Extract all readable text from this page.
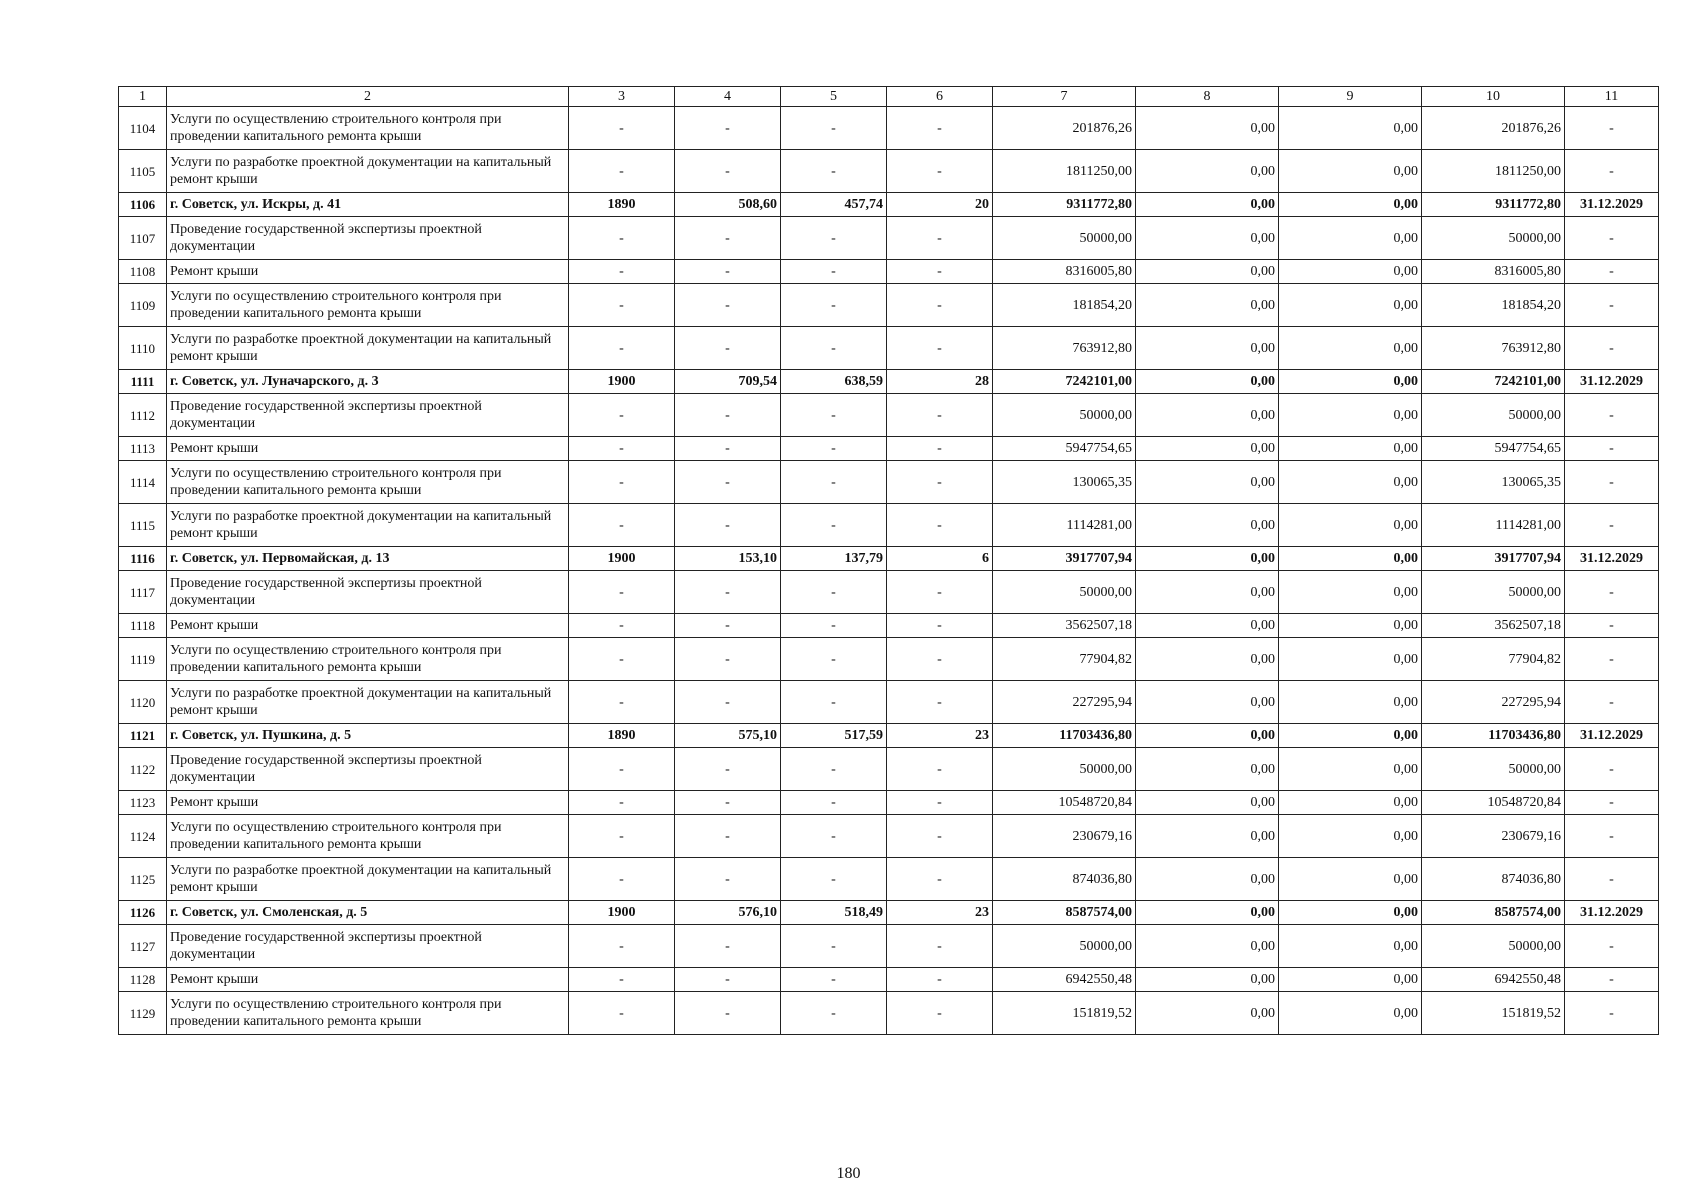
1	2	3	4	5	6	7	8	9	10	11
1104	Услуги по осуществлению строительного контроля при проведении капитального ремонта крыши	-	-	-	-	201876,26	0,00	0,00	201876,26	-
1105	Услуги по разработке проектной документации на капитальный ремонт крыши	-	-	-	-	1811250,00	0,00	0,00	1811250,00	-
1106	г. Советск, ул. Искры, д. 41	1890	508,60	457,74	20	9311772,80	0,00	0,00	9311772,80	31.12.2029
1107	Проведение государственной экспертизы проектной документации	-	-	-	-	50000,00	0,00	0,00	50000,00	-
1108	Ремонт крыши	-	-	-	-	8316005,80	0,00	0,00	8316005,80	-
1109	Услуги по осуществлению строительного контроля при проведении капитального ремонта крыши	-	-	-	-	181854,20	0,00	0,00	181854,20	-
1110	Услуги по разработке проектной документации на капитальный ремонт крыши	-	-	-	-	763912,80	0,00	0,00	763912,80	-
1111	г. Советск, ул. Луначарского, д. 3	1900	709,54	638,59	28	7242101,00	0,00	0,00	7242101,00	31.12.2029
1112	Проведение государственной экспертизы проектной документации	-	-	-	-	50000,00	0,00	0,00	50000,00	-
1113	Ремонт крыши	-	-	-	-	5947754,65	0,00	0,00	5947754,65	-
1114	Услуги по осуществлению строительного контроля при проведении капитального ремонта крыши	-	-	-	-	130065,35	0,00	0,00	130065,35	-
1115	Услуги по разработке проектной документации на капитальный ремонт крыши	-	-	-	-	1114281,00	0,00	0,00	1114281,00	-
1116	г. Советск, ул. Первомайская, д. 13	1900	153,10	137,79	6	3917707,94	0,00	0,00	3917707,94	31.12.2029
1117	Проведение государственной экспертизы проектной документации	-	-	-	-	50000,00	0,00	0,00	50000,00	-
1118	Ремонт крыши	-	-	-	-	3562507,18	0,00	0,00	3562507,18	-
1119	Услуги по осуществлению строительного контроля при проведении капитального ремонта крыши	-	-	-	-	77904,82	0,00	0,00	77904,82	-
1120	Услуги по разработке проектной документации на капитальный ремонт крыши	-	-	-	-	227295,94	0,00	0,00	227295,94	-
1121	г. Советск, ул. Пушкина, д. 5	1890	575,10	517,59	23	11703436,80	0,00	0,00	11703436,80	31.12.2029
1122	Проведение государственной экспертизы проектной документации	-	-	-	-	50000,00	0,00	0,00	50000,00	-
1123	Ремонт крыши	-	-	-	-	10548720,84	0,00	0,00	10548720,84	-
1124	Услуги по осуществлению строительного контроля при проведении капитального ремонта крыши	-	-	-	-	230679,16	0,00	0,00	230679,16	-
1125	Услуги по разработке проектной документации на капитальный ремонт крыши	-	-	-	-	874036,80	0,00	0,00	874036,80	-
1126	г. Советск, ул. Смоленская, д. 5	1900	576,10	518,49	23	8587574,00	0,00	0,00	8587574,00	31.12.2029
1127	Проведение государственной экспертизы проектной документации	-	-	-	-	50000,00	0,00	0,00	50000,00	-
1128	Ремонт крыши	-	-	-	-	6942550,48	0,00	0,00	6942550,48	-
1129	Услуги по осуществлению строительного контроля при проведении капитального ремонта крыши	-	-	-	-	151819,52	0,00	0,00	151819,52	-
180
